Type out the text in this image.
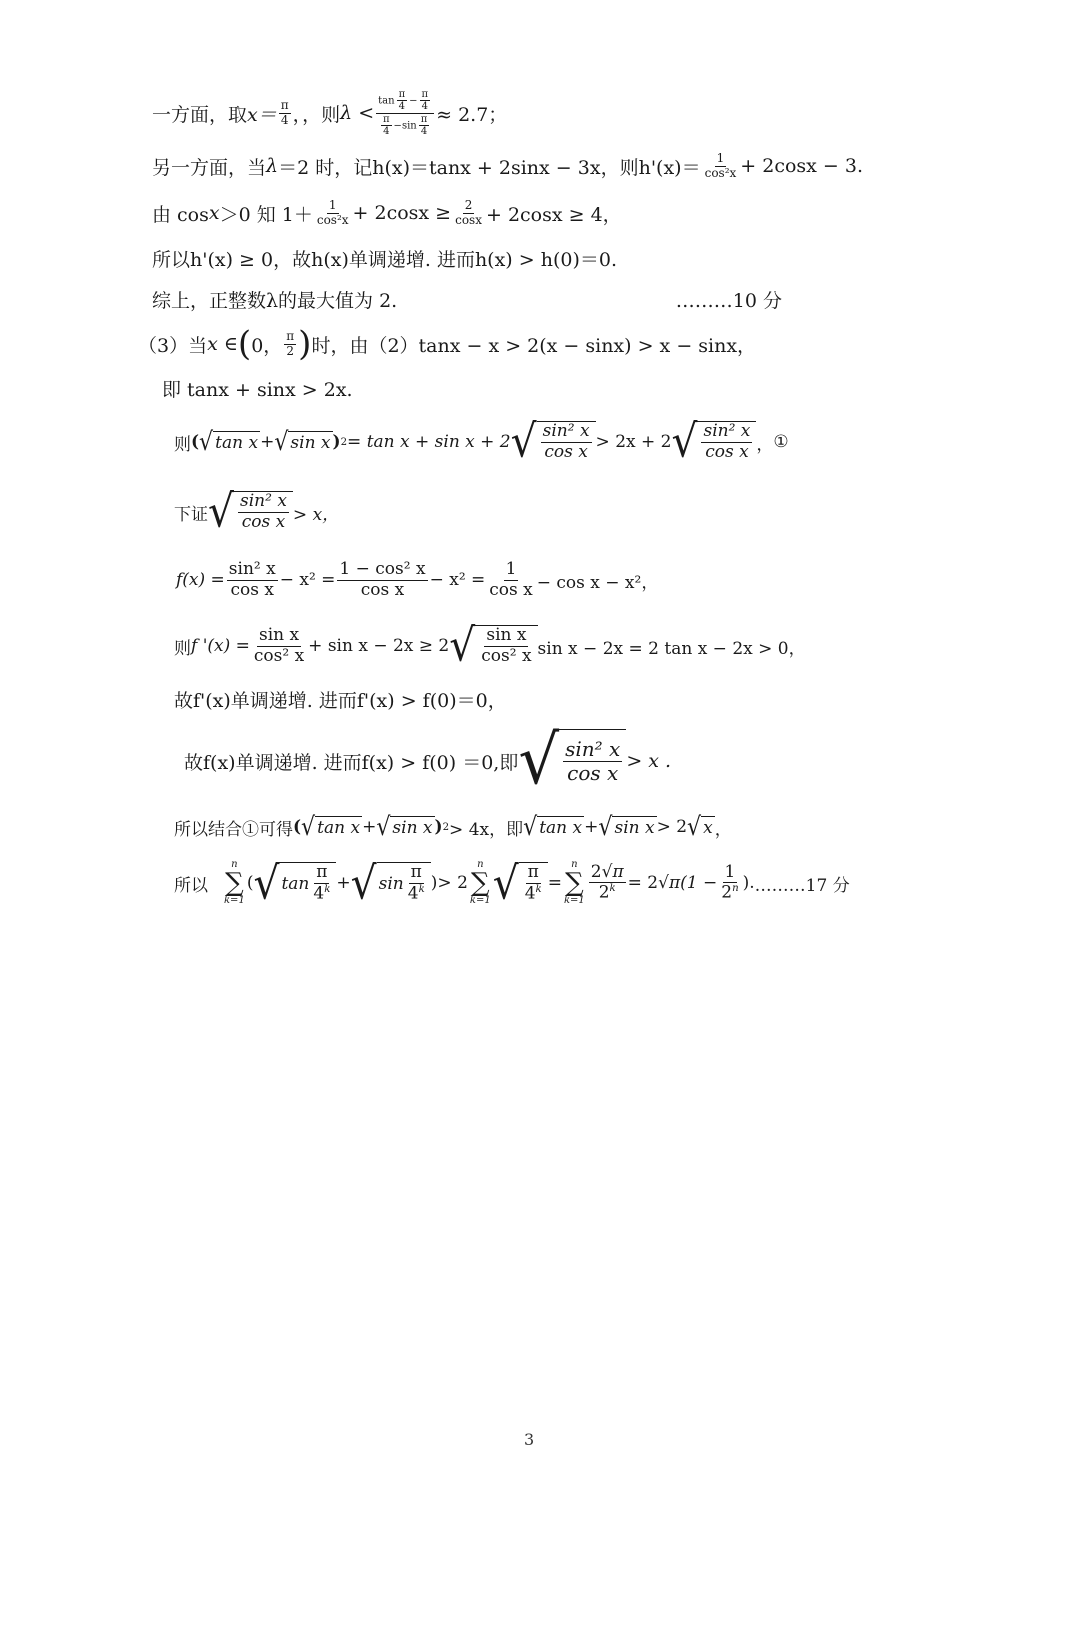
一方面，取 $x= \frac{\pi}{4}$ ，，则 $\lambda < \frac{\tan \frac{\pi}{4} - \frac{\pi}{4}}{\frac{\pi}{4} -\sin \frac{\pi}{4}} \approx 2.7$；
另一方面，当 λ ＝2 时，记 h(x)＝tanx + 2sinx − 3x ，则 $h'(x)= \frac{1}{\text{cos²x}} + 2\cos x - 3$.
由 cos x ＞0 知 $1+ \frac{1}{\text{cos²x}} + 2\cos x \ge \frac{2}{\cos x} + 2\cos x \ge 4$，
所以h'(x) ≥ 0，故h(x)单调递增. 进而h(x) > h(0)＝0.
综上，正整数λ的最大值为 2.	………10 分
（3）当 x ∈ ( 0， $\frac{\pi}{2}$ ) 时，由（2）tanx − x > 2(x − sinx) > x − sinx，
即 tanx + sinx > 2x.
则 ( √ tan x + √ sin x ) 2 = tan x + sin x + 2 √ $\frac{\text{sin² x}}{\text{cos x}} > 2x + 2$ √ $\frac{\text{sin² x}}{\text{cos x}}$ ， ①
下证 √ $\frac{\text{sin² x}}{\text{cos x}} > x$，
$f(x) = \frac{\text{sin² x}}{\text{cos x}} - x^2 = \frac{\text{1 − cos² x}}{\text{cos x}} - x^2 = \frac{1}{\text{cos x}} - \cos x - x^2$，
则 f '$(x) = \frac{\text{sin x}}{\text{cos² x}} + \sin x - 2x \ge 2$ √ $\frac{\text{sin x}}{\text{cos² x}}$ sin x − 2x = 2 tan x − 2x > 0，
故f'(x)单调递增. 进而f'(x) > f(0)＝0，
故f(x)单调递增. 进而f(x) > f(0) ＝0,即 √ $\frac{\text{sin² x}}{\text{cos x}} > x$ .
所以结合①可得 ( √ tan x + √ sin x ) 2 > 4x，即 √ tan x + √ sin x > 2 √ x ，
所以
n
∑
k=1
( √ $\tan \frac{\pi}{4^k}$ + √ $\sin \frac{\pi}{4^k}$ ) > 2
n
∑
k=1 √ $\frac{\pi}{4^k}$ =
n
∑
$k=1 \frac{2√\pi}{2^k} = 2$ √ $\pi(1 - \frac{1}{2^n}$ ). ………17 分
3
